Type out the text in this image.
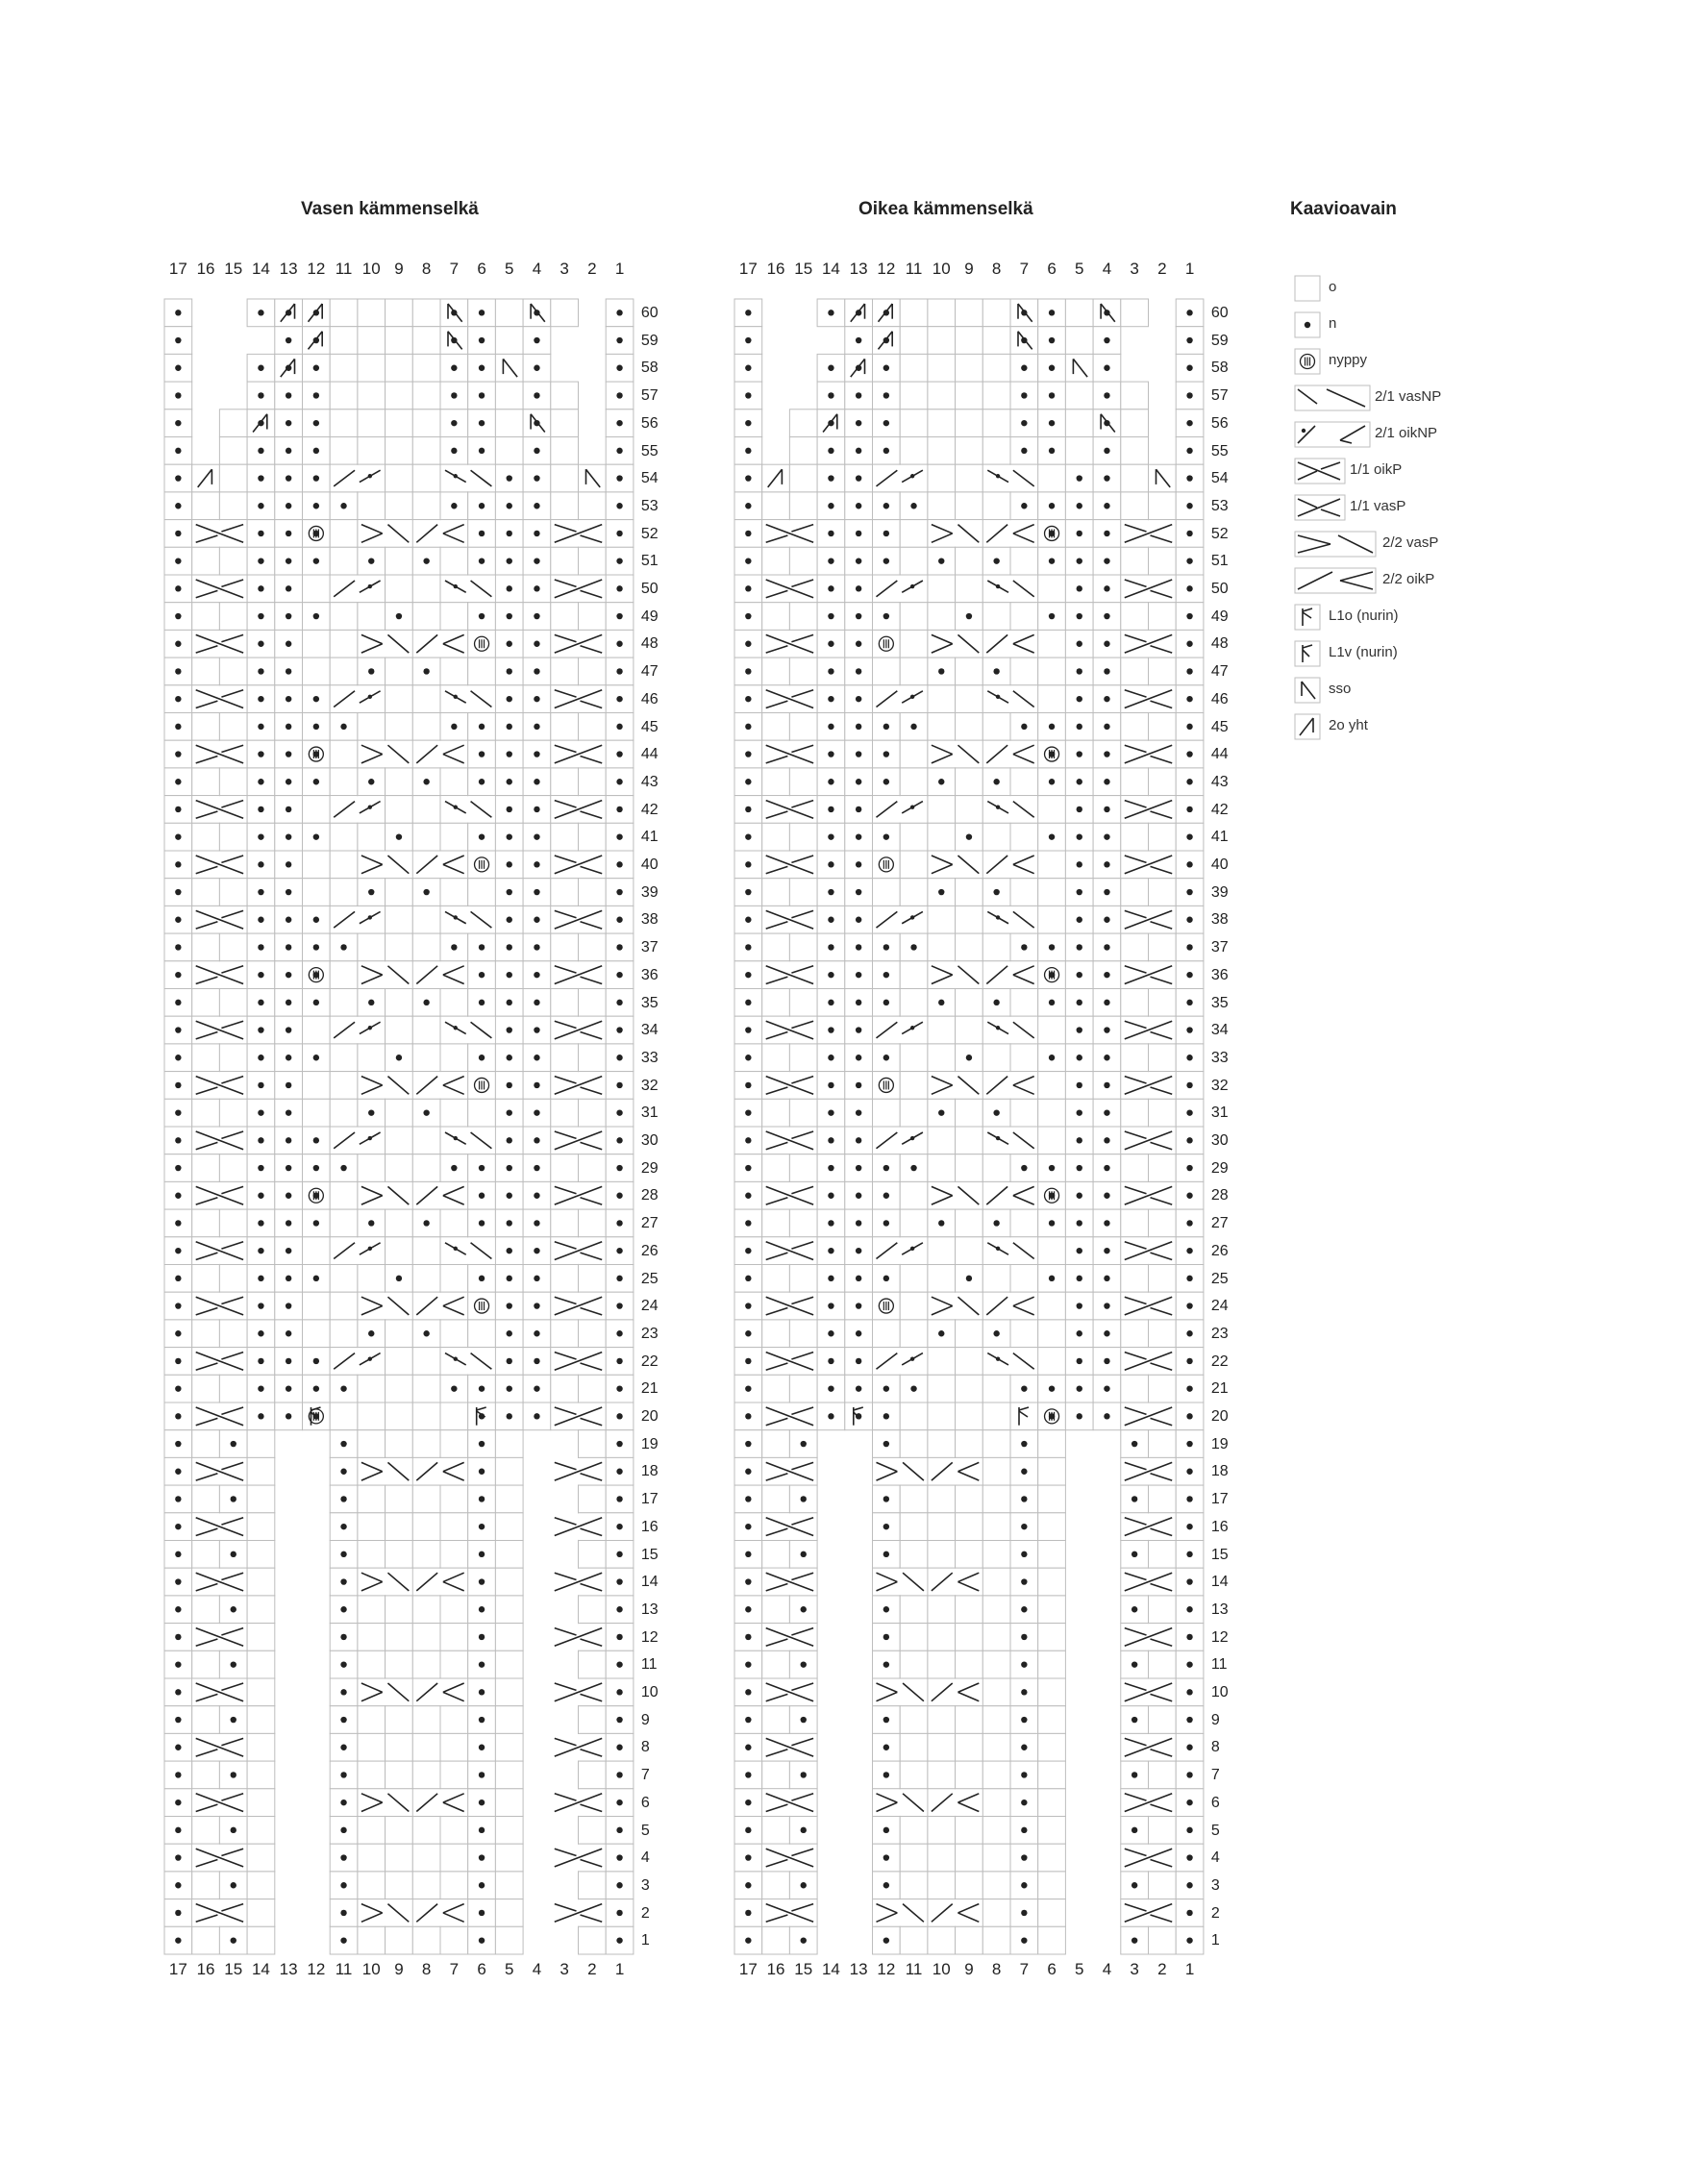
Vasen kämmenselkä	Oikea kämmenselkä	Kaavioavain
17
17
16
16
15
15
14
14
13
13
12
12
11
11
10
10
9
9
8
8
7
7
6
6
5
5
4
4
3
3
2
2
1
1
60
59
58
57
56
55
54
53
52
51
50
49
48
47
46
45
44
43
42
41
40
39
38
37
36
35
34
33
32
31
30
29
28
27
26
25
24
23
22
21
20
19
18
17
16
15
14
13
12
11
10
9
8
7
6
5
4
3
2
1
17
17
16
16
15
15
14
14
13
13
12
12
11
11
10
10
9
9
8
8
7
7
6
6
5
5
4
4
3
3
2
2
1
1
60
59
58
57
56
55
54
53
52
51
50
49
48
47
46
45
44
43
42
41
40
39
38
37
36
35
34
33
32
31
30
29
28
27
26
25
24
23
22
21
20
19
18
17
16
15
14
13
12
11
10
9
8
7
6
5
4
3
2
1
o
n
nyppy
2/1 vasNP
2/1 oikNP
1/1 oikP
1/1 vasP
2/2 vasP
2/2 oikP
L1o (nurin)
L1v (nurin)
sso
2o yht
